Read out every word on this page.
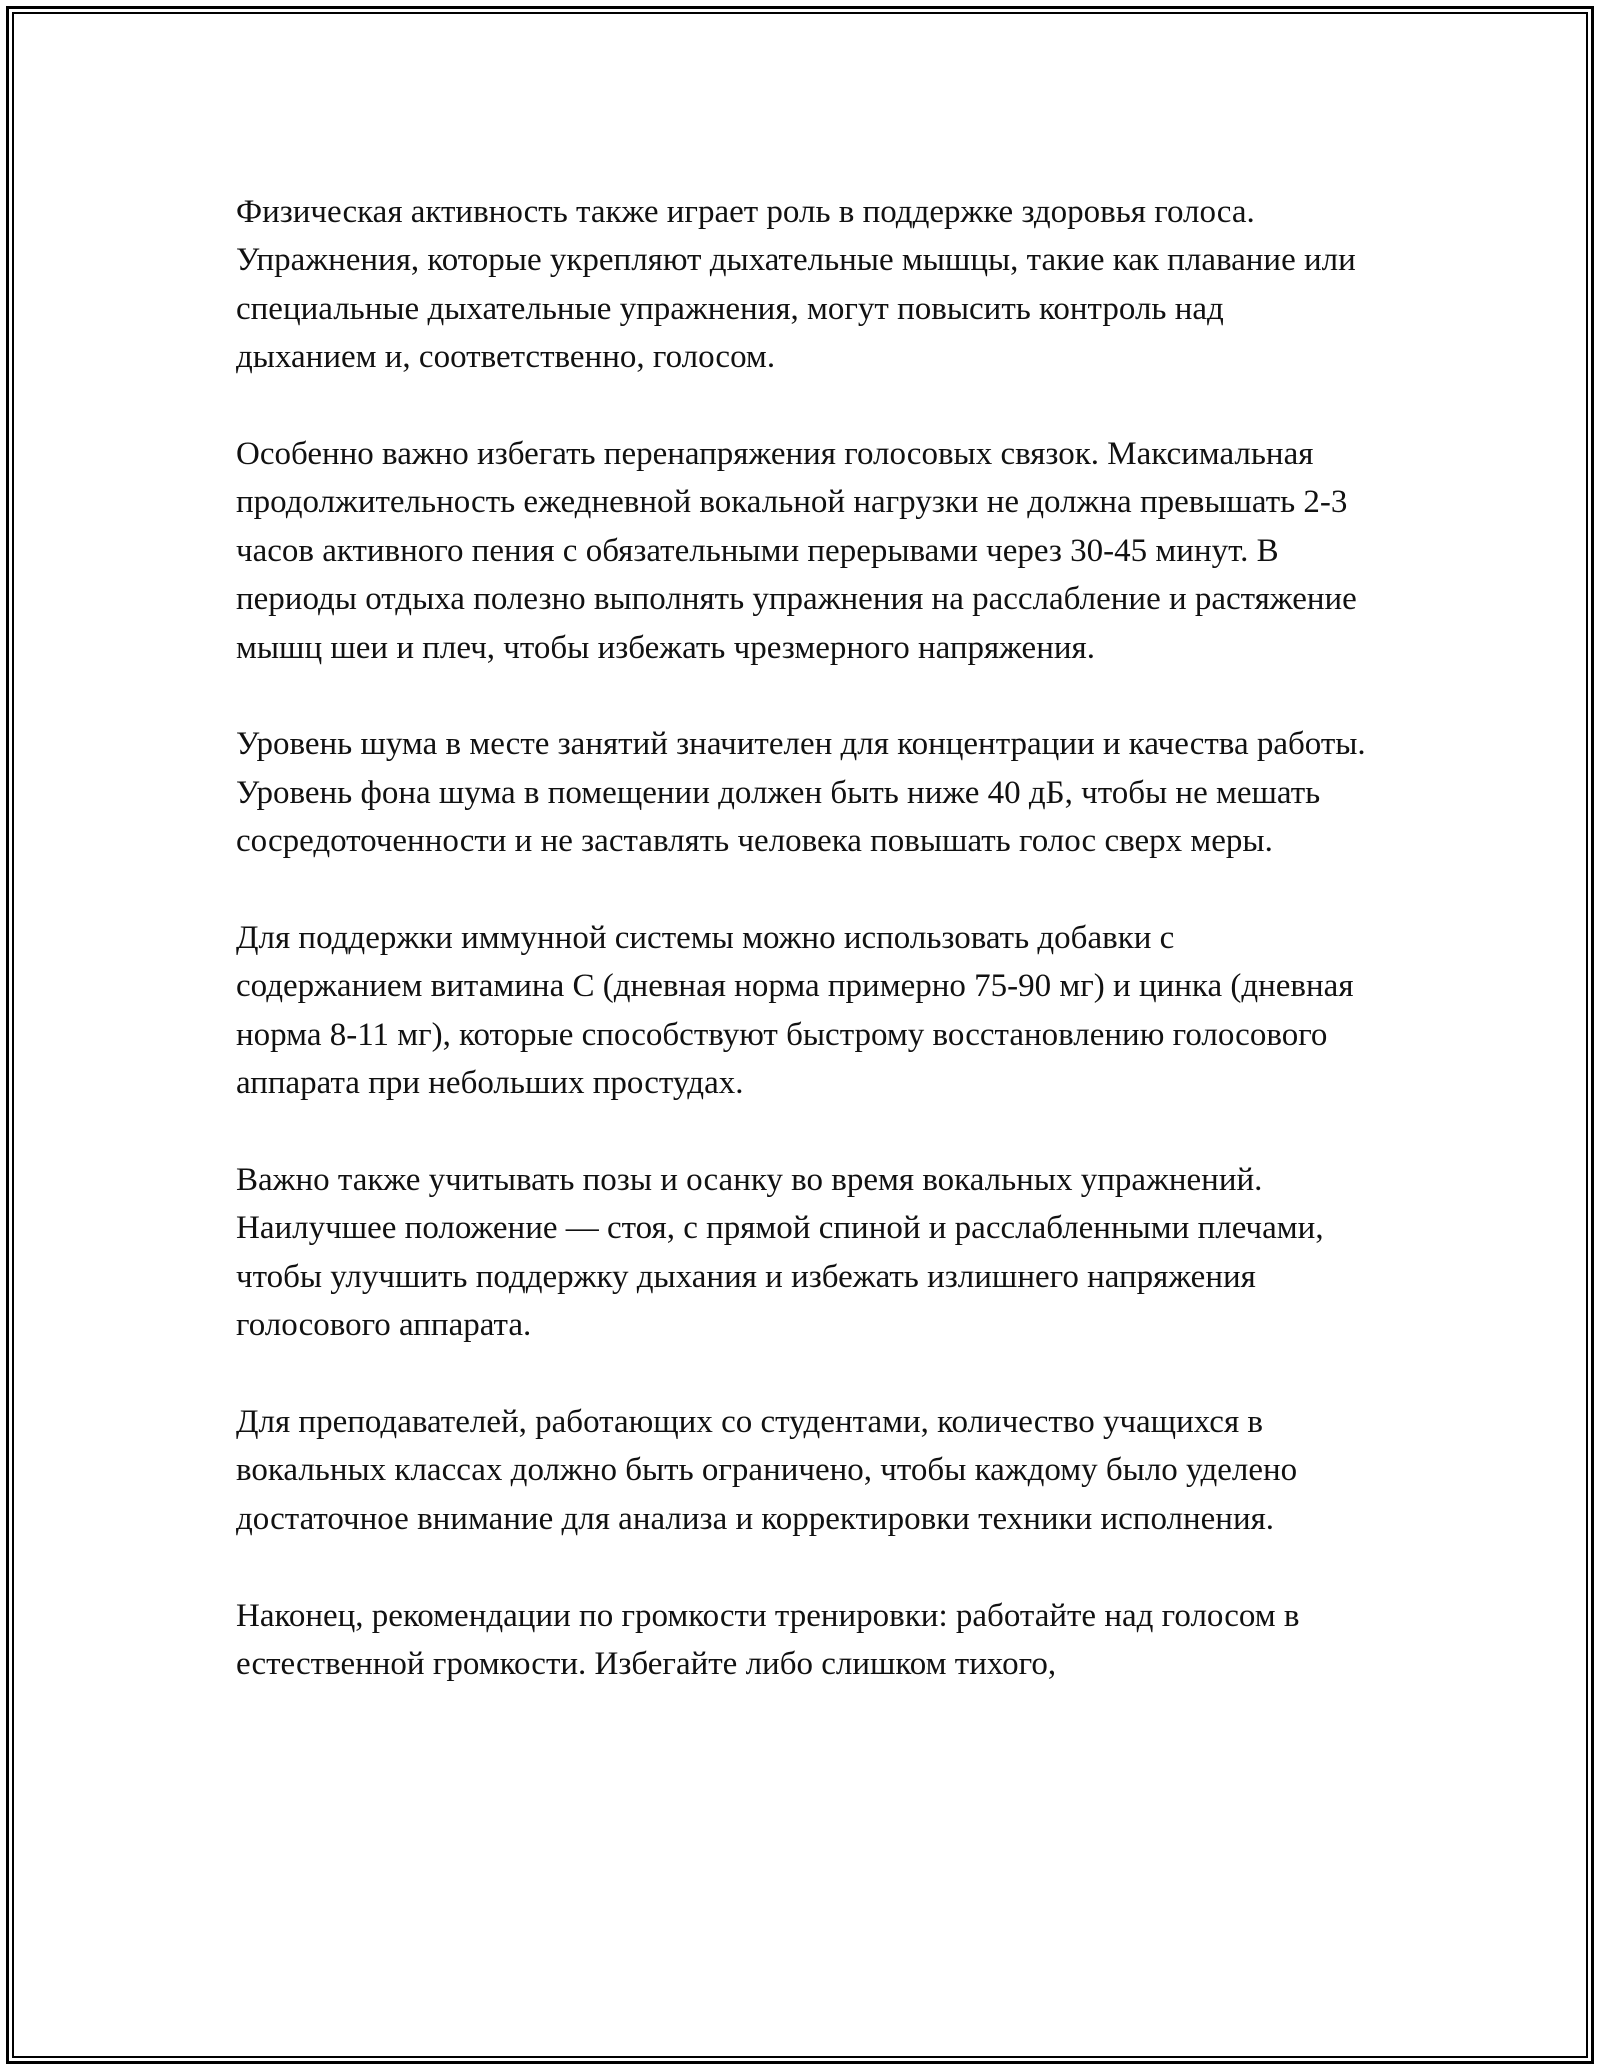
Физическая активность также играет роль в поддержке здоровья голоса. Упражнения, которые укрепляют дыхательные мышцы, такие как плавание или специальные дыхательные упражнения, могут повысить контроль над дыханием и, соответственно, голосом.

Особенно важно избегать перенапряжения голосовых связок. Максимальная продолжительность ежедневной вокальной нагрузки не должна превышать 2-3 часов активного пения с обязательными перерывами через 30-45 минут. В периоды отдыха полезно выполнять упражнения на расслабление и растяжение мышц шеи и плеч, чтобы избежать чрезмерного напряжения.

Уровень шума в месте занятий значителен для концентрации и качества работы. Уровень фона шума в помещении должен быть ниже 40 дБ, чтобы не мешать сосредоточенности и не заставлять человека повышать голос сверх меры.

Для поддержки иммунной системы можно использовать добавки с содержанием витамина C (дневная норма примерно 75-90 мг) и цинка (дневная норма 8-11 мг), которые способствуют быстрому восстановлению голосового аппарата при небольших простудах.

Важно также учитывать позы и осанку во время вокальных упражнений. Наилучшее положение — стоя, с прямой спиной и расслабленными плечами, чтобы улучшить поддержку дыхания и избежать излишнего напряжения голосового аппарата.

Для преподавателей, работающих со студентами, количество учащихся в вокальных классах должно быть ограничено, чтобы каждому было уделено достаточное внимание для анализа и корректировки техники исполнения.

Наконец, рекомендации по громкости тренировки: работайте над голосом в естественной громкости. Избегайте либо слишком тихого,
